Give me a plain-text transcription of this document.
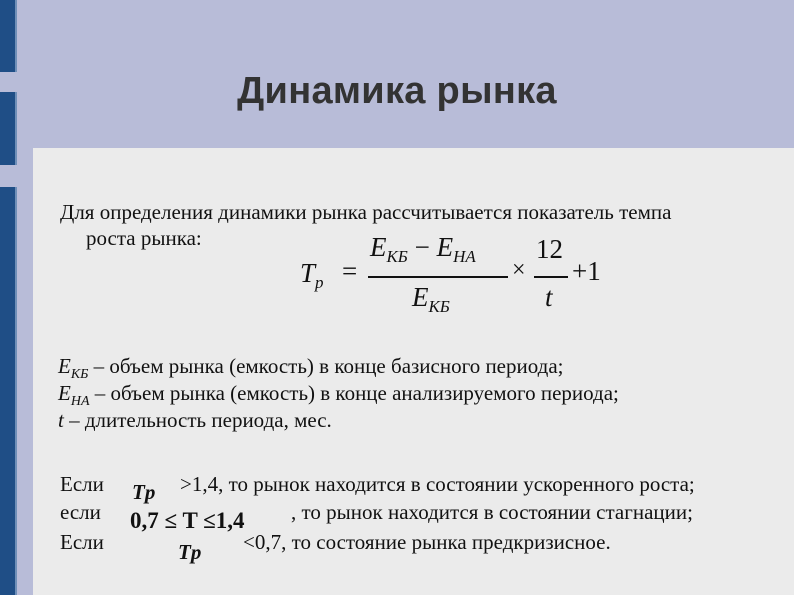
Динамика рынка
Для определения динамики рынка рассчитывается показатель темпа
роста рынка:
$T_p$ =
$E_{КБ} - E_{НА}$
$E_{КБ}$
×
12
t
+1
$E_{КБ}$ – объем рынка (емкость) в конце базисного периода;
$E_{НА}$ – объем рынка (емкость) в конце анализируемого периода;
t – длительность периода, мес.
Если	>1,4, то рынок находится в состоянии ускоренного роста;
если	, то рынок находится в состоянии стагнации;
Если	<0,7, то состояние рынка предкризисное.
Tp
0,7 ≤ T ≤1,4
Tp
